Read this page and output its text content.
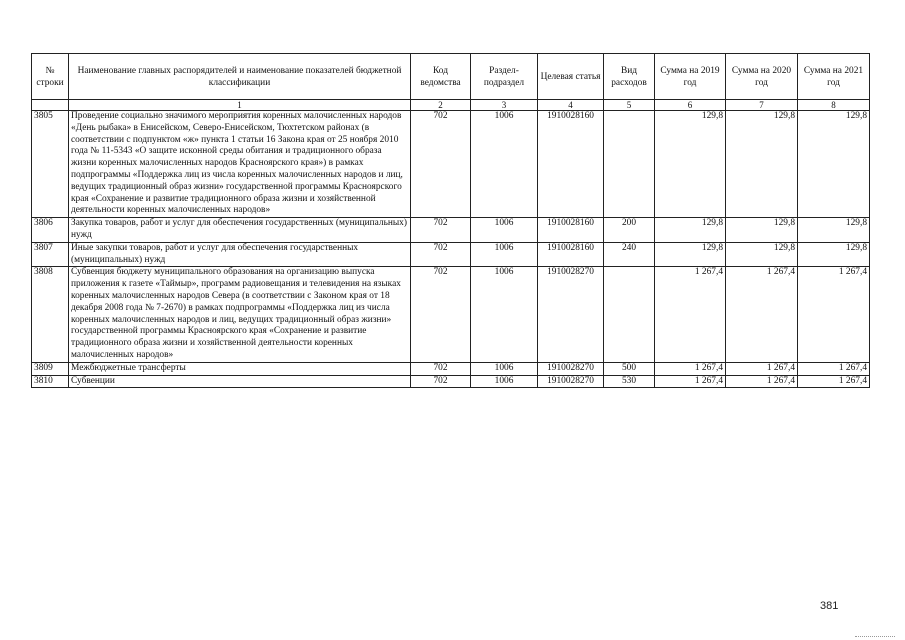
№ строки	Наименование главных распорядителей и наименование показателей бюджетной классификации	Код ведомства	Раздел-подраздел	Целевая статья	Вид расходов	Сумма на 2019 год	Сумма на 2020 год	Сумма на 2021 год
	1	2	3	4	5	6	7	8
3805	Проведение социально значимого мероприятия коренных малочисленных народов «День рыбака» в Енисейском, Северо-Енисейском, Тюхтетском районах (в соответствии с подпунктом «ж» пункта 1 статьи 16 Закона края от 25 ноября 2010 года № 11-5343 «О защите исконной среды обитания и традиционного образа жизни коренных малочисленных народов Красноярского края») в рамках подпрограммы «Поддержка лиц из числа коренных малочисленных народов и лиц, ведущих традиционный образ жизни» государственной программы Красноярского края «Сохранение и развитие традиционного образа жизни и хозяйственной деятельности коренных малочисленных народов»	702	1006	1910028160		129,8	129,8	129,8
3806	Закупка товаров, работ и услуг для обеспечения государственных (муниципальных) нужд	702	1006	1910028160	200	129,8	129,8	129,8
3807	Иные закупки товаров, работ и услуг для обеспечения государственных (муниципальных) нужд	702	1006	1910028160	240	129,8	129,8	129,8
3808	Субвенция бюджету муниципального образования на организацию выпуска приложения к газете «Таймыр», программ радиовещания и телевидения на языках коренных малочисленных народов Севера (в соответствии с Законом края от 18 декабря 2008 года № 7-2670) в рамках подпрограммы «Поддержка лиц из числа коренных малочисленных народов и лиц, ведущих традиционный образ жизни» государственной программы Красноярского края «Сохранение и развитие традиционного образа жизни и хозяйственной деятельности коренных малочисленных народов»	702	1006	1910028270		1 267,4	1 267,4	1 267,4
3809	Межбюджетные трансферты	702	1006	1910028270	500	1 267,4	1 267,4	1 267,4
3810	Субвенции	702	1006	1910028270	530	1 267,4	1 267,4	1 267,4
381
